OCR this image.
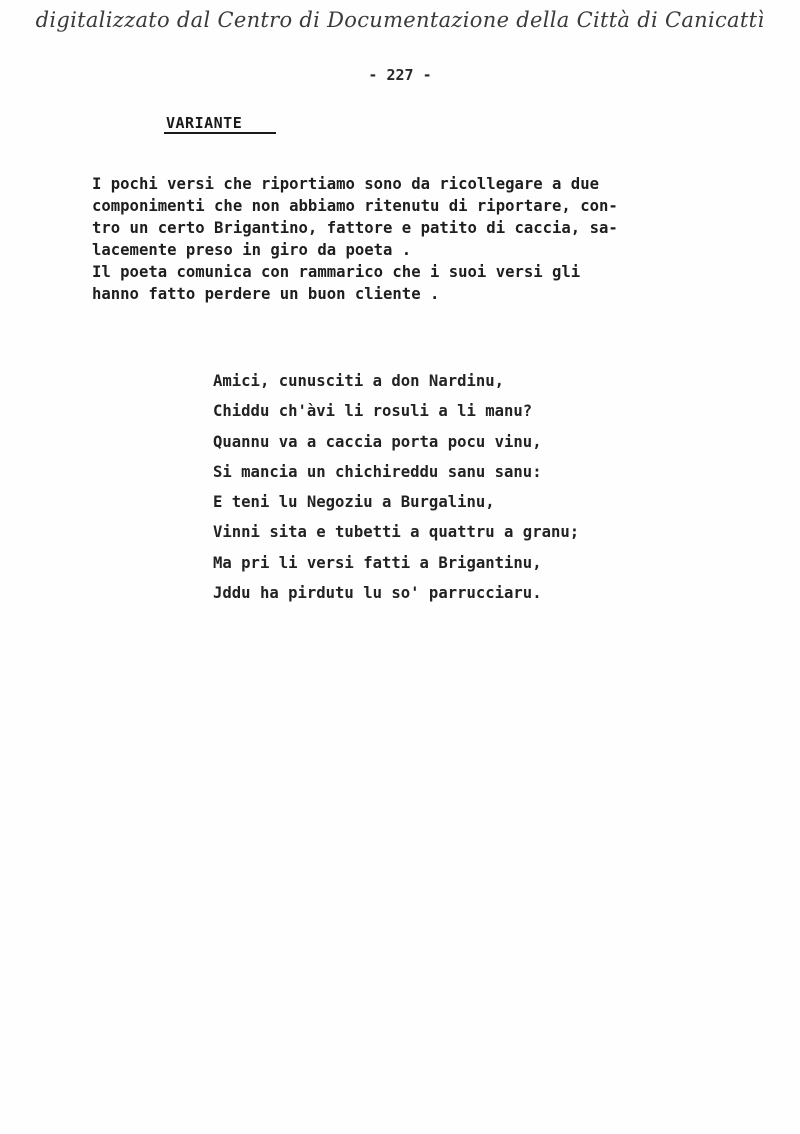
digitalizzato dal Centro di Documentazione della Città di Canicattì
- 227 -
VARIANTE
I pochi versi che riportiamo sono da ricollegare a due
componimenti che non abbiamo ritenutu di riportare, con-
tro un certo Brigantino, fattore e patito di caccia, sa-
lacemente preso in giro da poeta .
Il poeta comunica con rammarico che i suoi versi gli
hanno fatto perdere un buon cliente .
Amici, cunusciti a don Nardinu,
Chiddu ch'àvi li rosuli a li manu?
Quannu va a caccia porta pocu vinu,
Si mancia un chichireddu sanu sanu:
E teni lu Negoziu a Burgalinu,
Vinni sita e tubetti a quattru a granu;
Ma pri li versi fatti a Brigantinu,
Jddu ha pirdutu lu so' parrucciaru.
